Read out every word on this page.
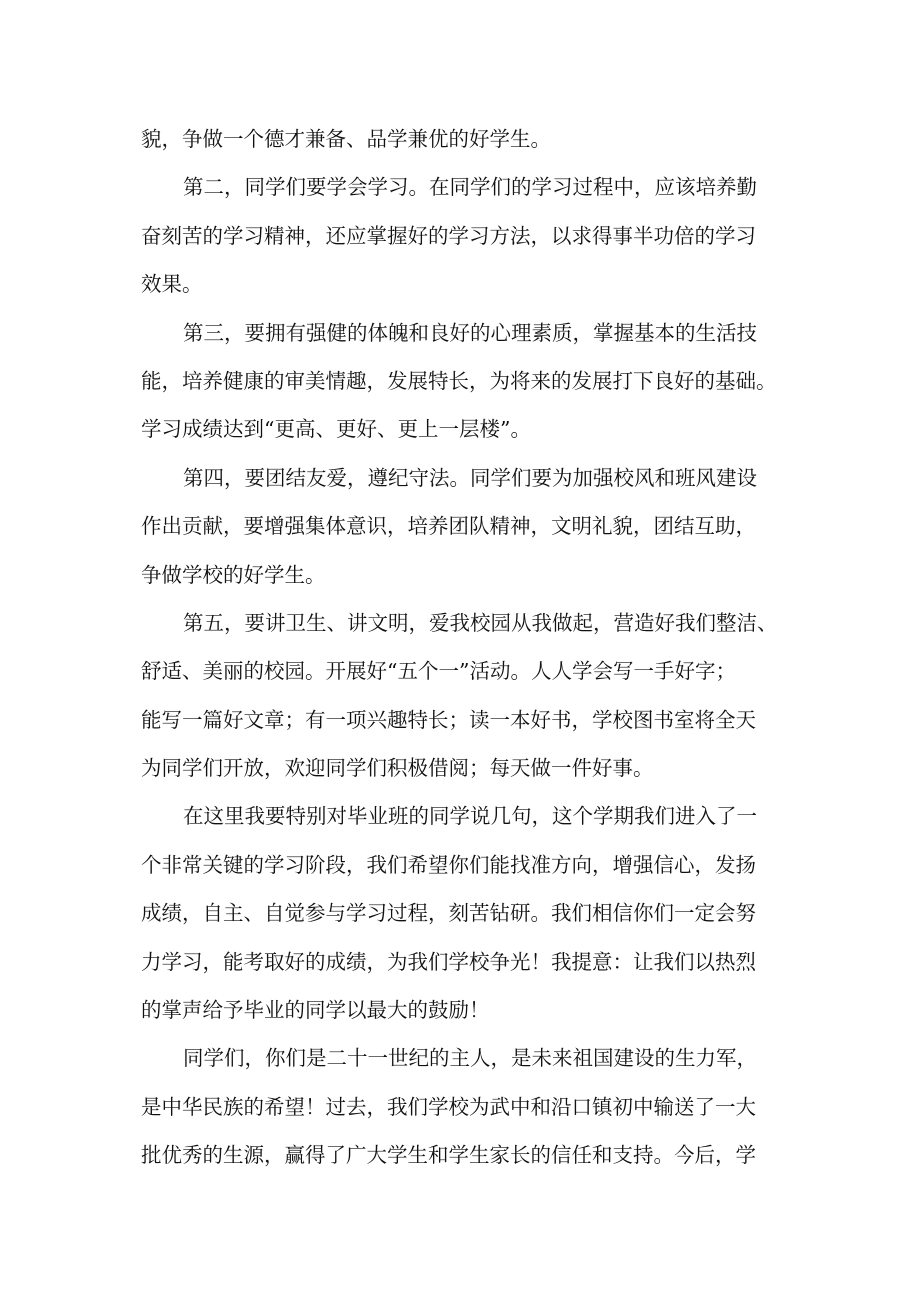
貌，争做一个德才兼备、品学兼优的好学生。
第二，同学们要学会学习。在同学们的学习过程中，应该培养勤
奋刻苦的学习精神，还应掌握好的学习方法，以求得事半功倍的学习
效果。
第三，要拥有强健的体魄和良好的心理素质，掌握基本的生活技
能，培养健康的审美情趣，发展特长，为将来的发展打下良好的基础。
学习成绩达到“更高、更好、更上一层楼”。
第四，要团结友爱，遵纪守法。同学们要为加强校风和班风建设
作出贡献，要增强集体意识，培养团队精神，文明礼貌，团结互助，
争做学校的好学生。
第五，要讲卫生、讲文明，爱我校园从我做起，营造好我们整洁、
舒适、美丽的校园。开展好“五个一”活动。人人学会写一手好字；
能写一篇好文章；有一项兴趣特长；读一本好书，学校图书室将全天
为同学们开放，欢迎同学们积极借阅；每天做一件好事。
在这里我要特别对毕业班的同学说几句，这个学期我们进入了一
个非常关键的学习阶段，我们希望你们能找准方向，增强信心，发扬
成绩，自主、自觉参与学习过程，刻苦钻研。我们相信你们一定会努
力学习，能考取好的成绩，为我们学校争光！我提意：让我们以热烈
的掌声给予毕业的同学以最大的鼓励！
同学们，你们是二十一世纪的主人，是未来祖国建设的生力军，
是中华民族的希望！过去，我们学校为武中和沿口镇初中输送了一大
批优秀的生源，赢得了广大学生和学生家长的信任和支持。今后，学
